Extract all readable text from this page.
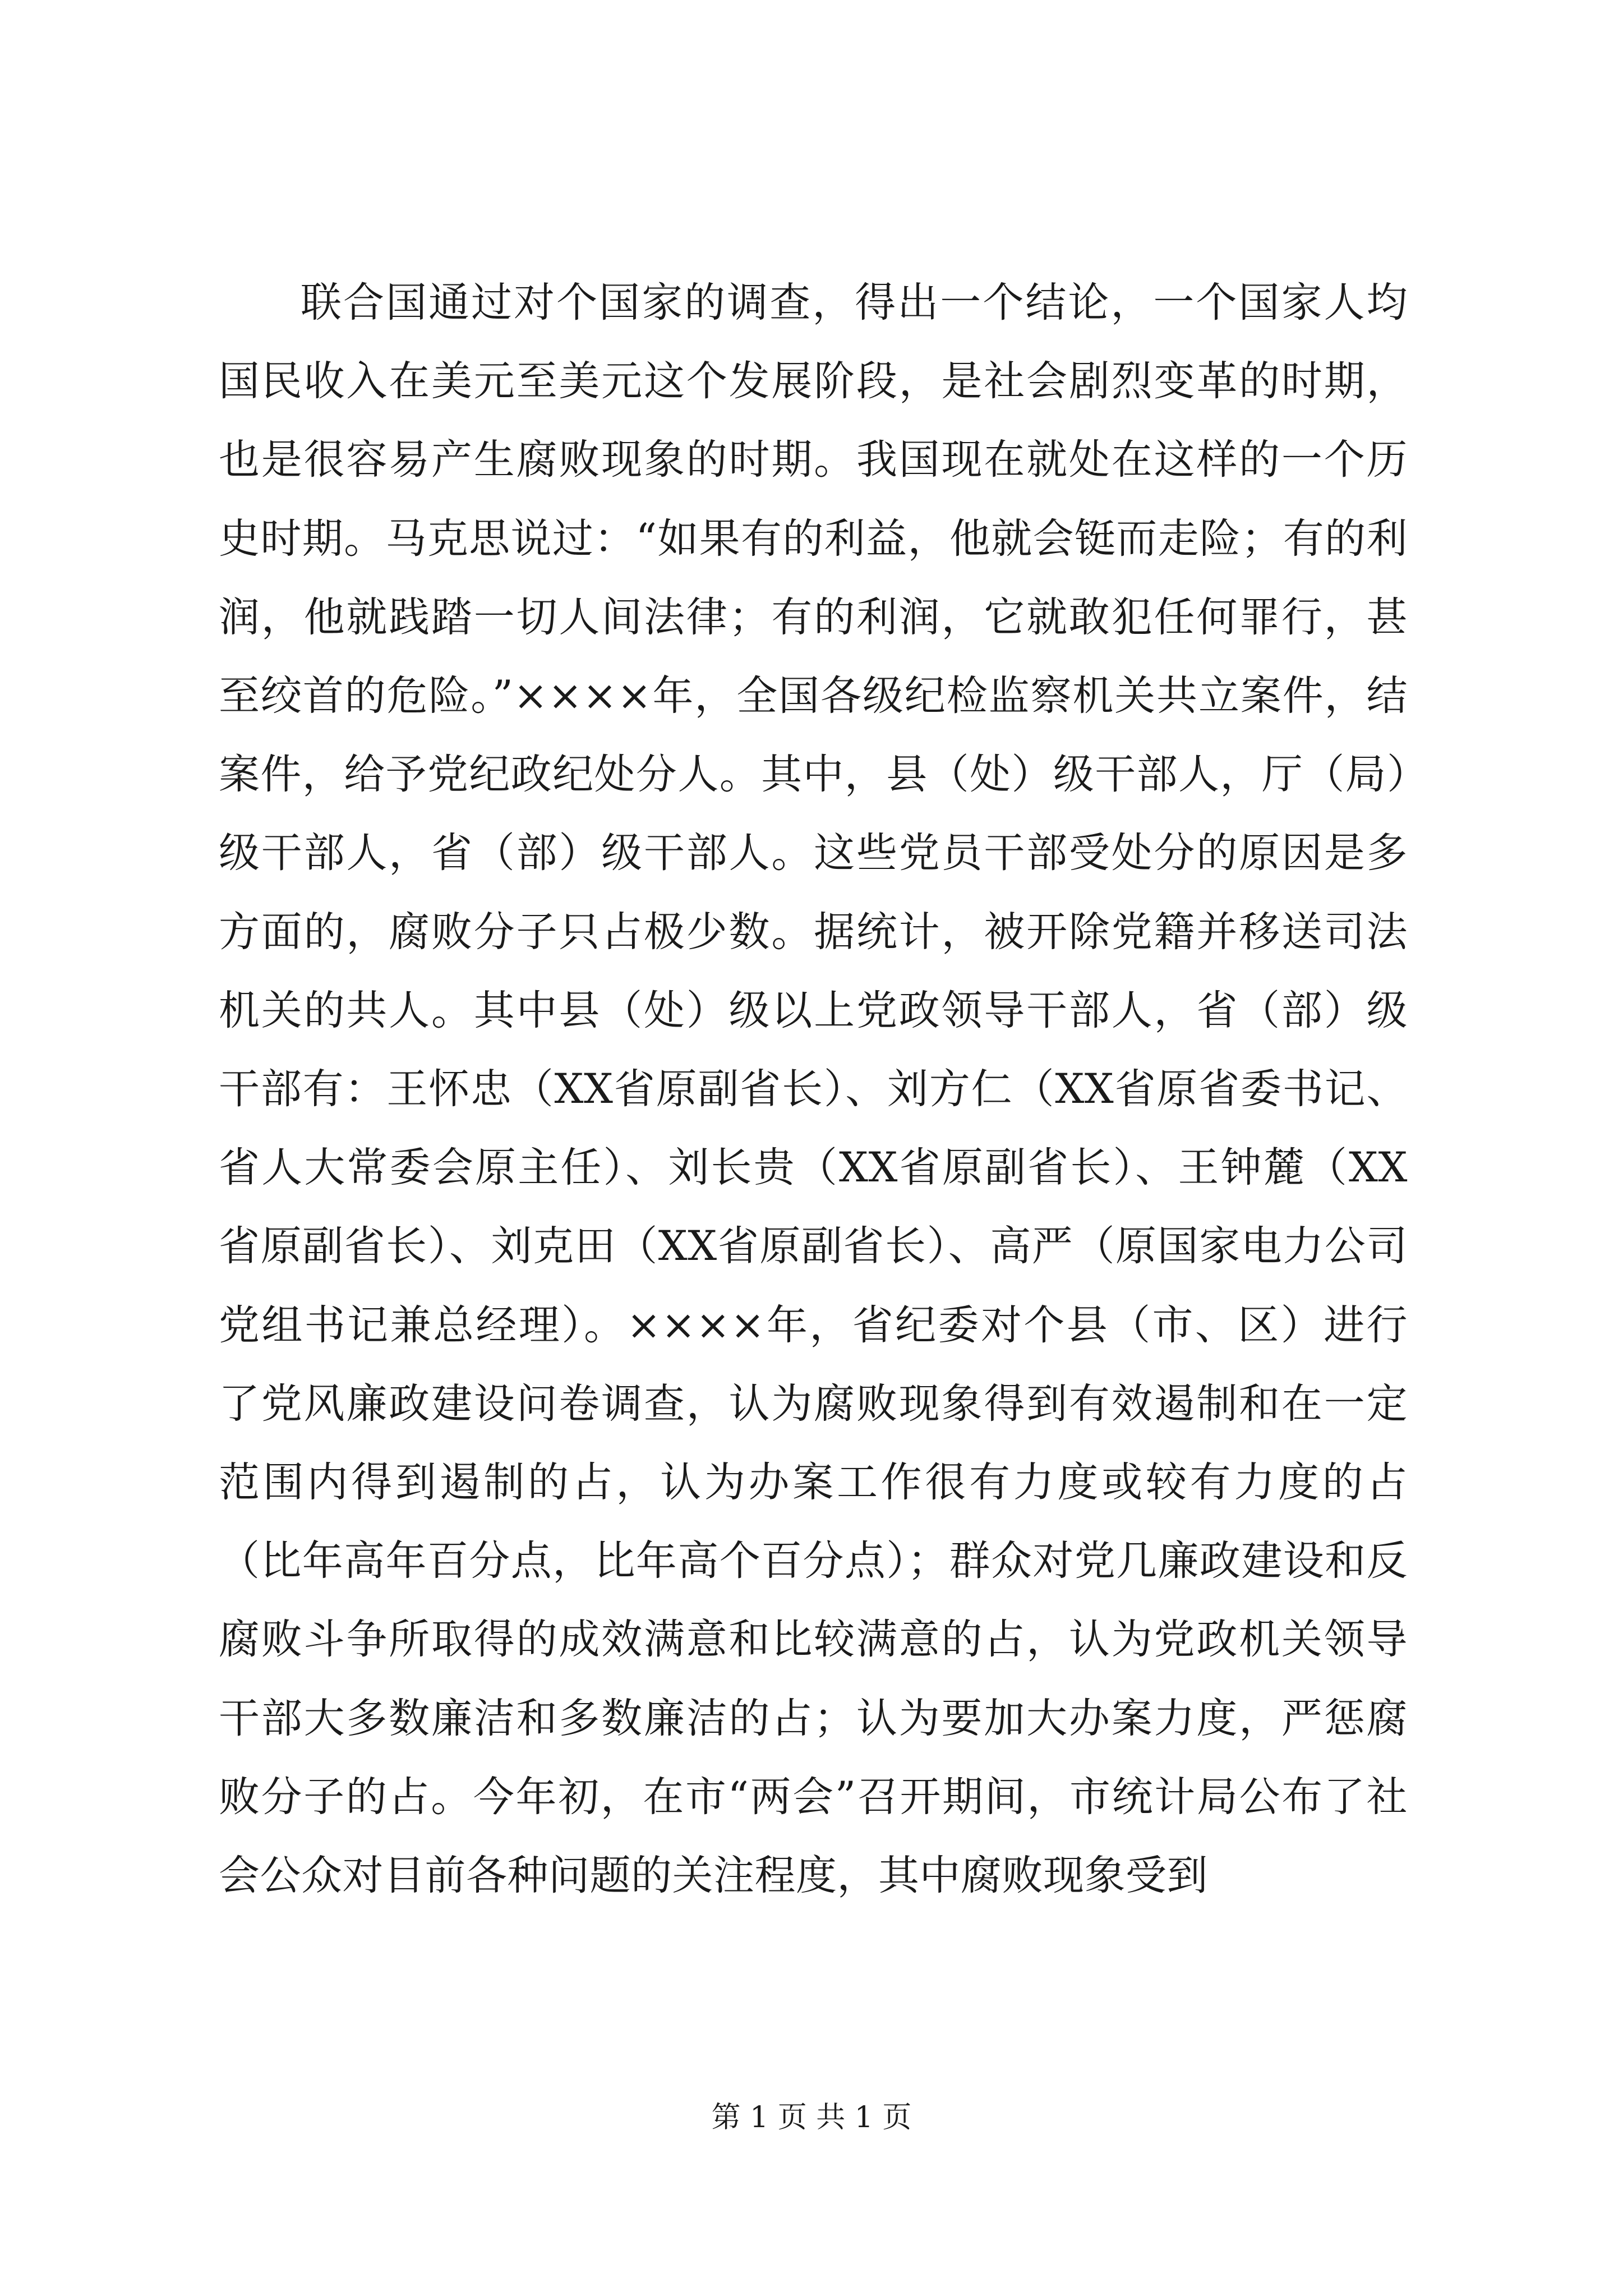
联合国通过对个国家的调查，得出一个结论，一个国家人均国民收入在美元至美元这个发展阶段，是社会剧烈变革的时期，也是很容易产生腐败现象的时期。我国现在就处在这样的一个历史时期。马克思说过：“如果有的利益，他就会铤而走险；有的利润，他就践踏一切人间法律；有的利润，它就敢犯任何罪行，甚至绞首的危险。”××××年，全国各级纪检监察机关共立案件，结案件，给予党纪政纪处分人。其中，县（处）级干部人，厅（局）级干部人，省（部）级干部人。这些党员干部受处分的原因是多方面的，腐败分子只占极少数。据统计，被开除党籍并移送司法机关的共人。其中县（处）级以上党政领导干部人，省（部）级干部有：王怀忠（XX省原副省长）、刘方仁（XX省原省委书记、省人大常委会原主任）、刘长贵（XX省原副省长）、王钟麓（XX省原副省长）、刘克田（XX省原副省长）、高严（原国家电力公司党组书记兼总经理）。××××年，省纪委对个县（市、区）进行了党风廉政建设问卷调查，认为腐败现象得到有效遏制和在一定范围内得到遏制的占，认为办案工作很有力度或较有力度的占（比年高年百分点，比年高个百分点）；群众对党几廉政建设和反腐败斗争所取得的成效满意和比较满意的占，认为党政机关领导干部大多数廉洁和多数廉洁的占；认为要加大办案力度，严惩腐败分子的占。今年初，在市“两会”召开期间，市统计局公布了社会公众对目前各种问题的关注程度，其中腐败现象受到

第 1 页 共 1 页
